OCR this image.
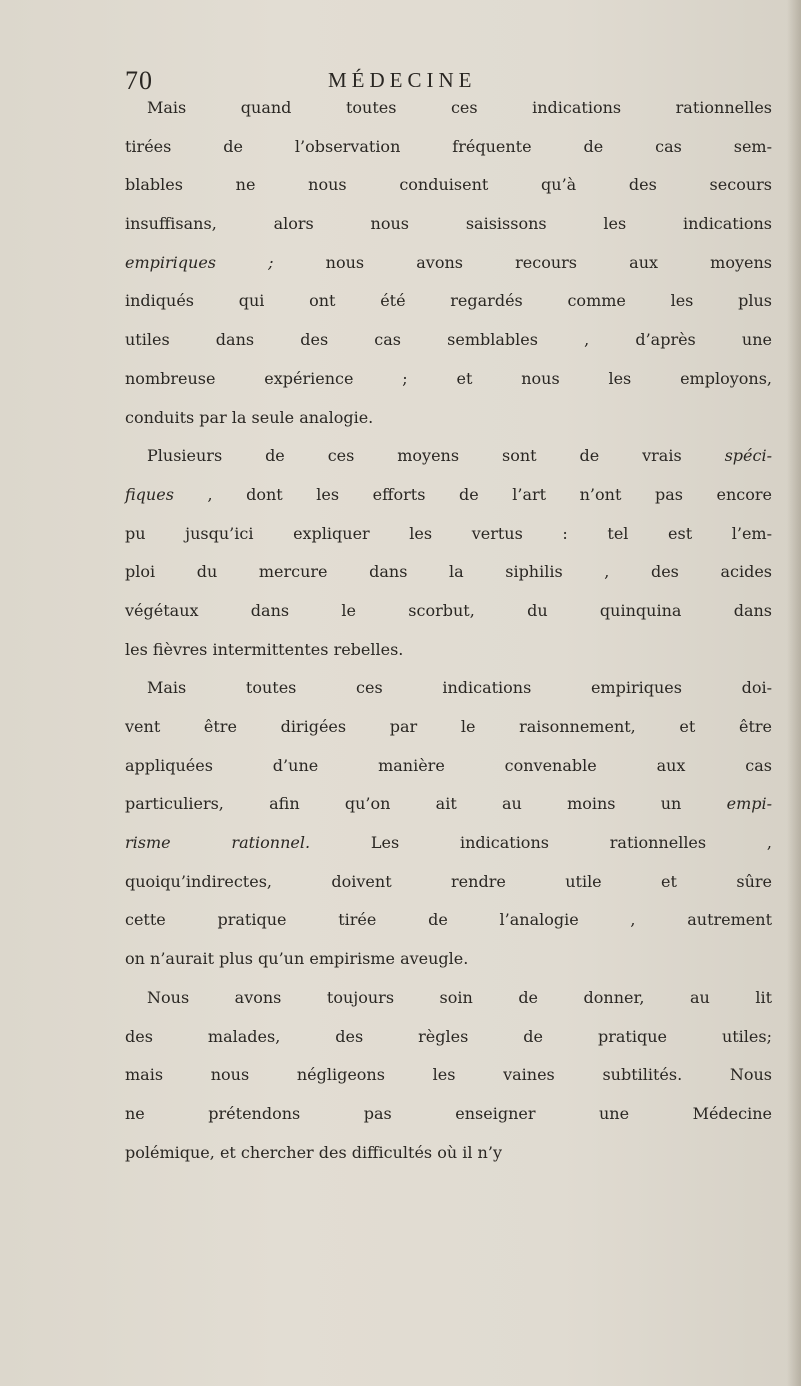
70	MÉDECINE
Mais quand toutes ces indications rationnelles
tirées de l’observation fréquente de cas sem-
blables ne nous conduisent qu’à des secours
insuffisans, alors nous saisissons les indications
empiriques ; nous avons recours aux moyens
indiqués qui ont été regardés comme les plus
utiles dans des cas semblables , d’après une
nombreuse expérience ; et nous les employons,
conduits par la seule analogie.
Plusieurs de ces moyens sont de vrais spéci-
fiques , dont les efforts de l’art n’ont pas encore
pu jusqu’ici expliquer les vertus : tel est l’em-
ploi du mercure dans la siphilis , des acides
végétaux dans le scorbut, du quinquina dans
les fièvres intermittentes rebelles.
Mais toutes ces indications empiriques doi-
vent être dirigées par le raisonnement, et être
appliquées d’une manière convenable aux cas
particuliers, afin qu’on ait au moins un empi-
risme rationnel. Les indications rationnelles ,
quoiqu’indirectes, doivent rendre utile et sûre
cette pratique tirée de l’analogie , autrement
on n’aurait plus qu’un empirisme aveugle.
Nous avons toujours soin de donner, au lit
des malades, des règles de pratique utiles;
mais nous négligeons les vaines subtilités. Nous
ne prétendons pas enseigner une Médecine
polémique, et chercher des difficultés où il n’y
